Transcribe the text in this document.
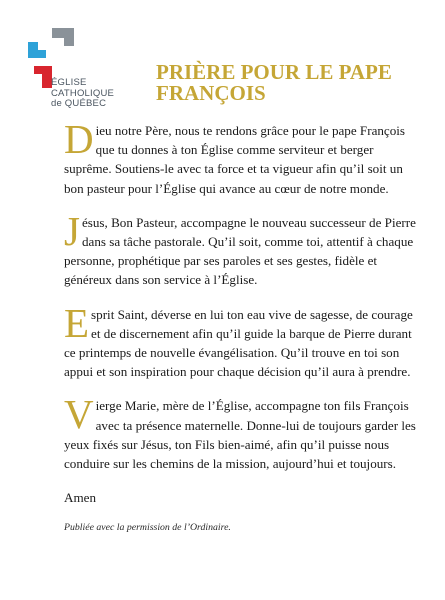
ÉGLISE
CATHOLIQUE
de QUÉBEC
PRIÈRE POUR LE PAPE
FRANÇOIS

Dieu notre Père, nous te rendons grâce pour le pape François que tu donnes à ton Église comme serviteur et berger suprême. Soutiens-le avec ta force et ta vigueur afin qu’il soit un bon pasteur pour l’Église qui avance au cœur de notre monde.

Jésus, Bon Pasteur, accompagne le nouveau successeur de Pierre dans sa tâche pastorale. Qu’il soit, comme toi, attentif à chaque personne, prophétique par ses paroles et ses gestes, fidèle et généreux dans son service à l’Église.

Esprit Saint, déverse en lui ton eau vive de sagesse, de courage et de discernement afin qu’il guide la barque de Pierre durant ce printemps de nouvelle évangélisation. Qu’il trouve en toi son appui et son inspiration pour chaque décision qu’il aura à prendre.

Vierge Marie, mère de l’Église, accompagne ton fils François avec ta présence maternelle. Donne-lui de toujours garder les yeux fixés sur Jésus, ton Fils bien-aimé, afin qu’il puisse nous conduire sur les chemins de la mission, aujourd’hui et toujours.

Amen

Publiée avec la permission de l’Ordinaire.
